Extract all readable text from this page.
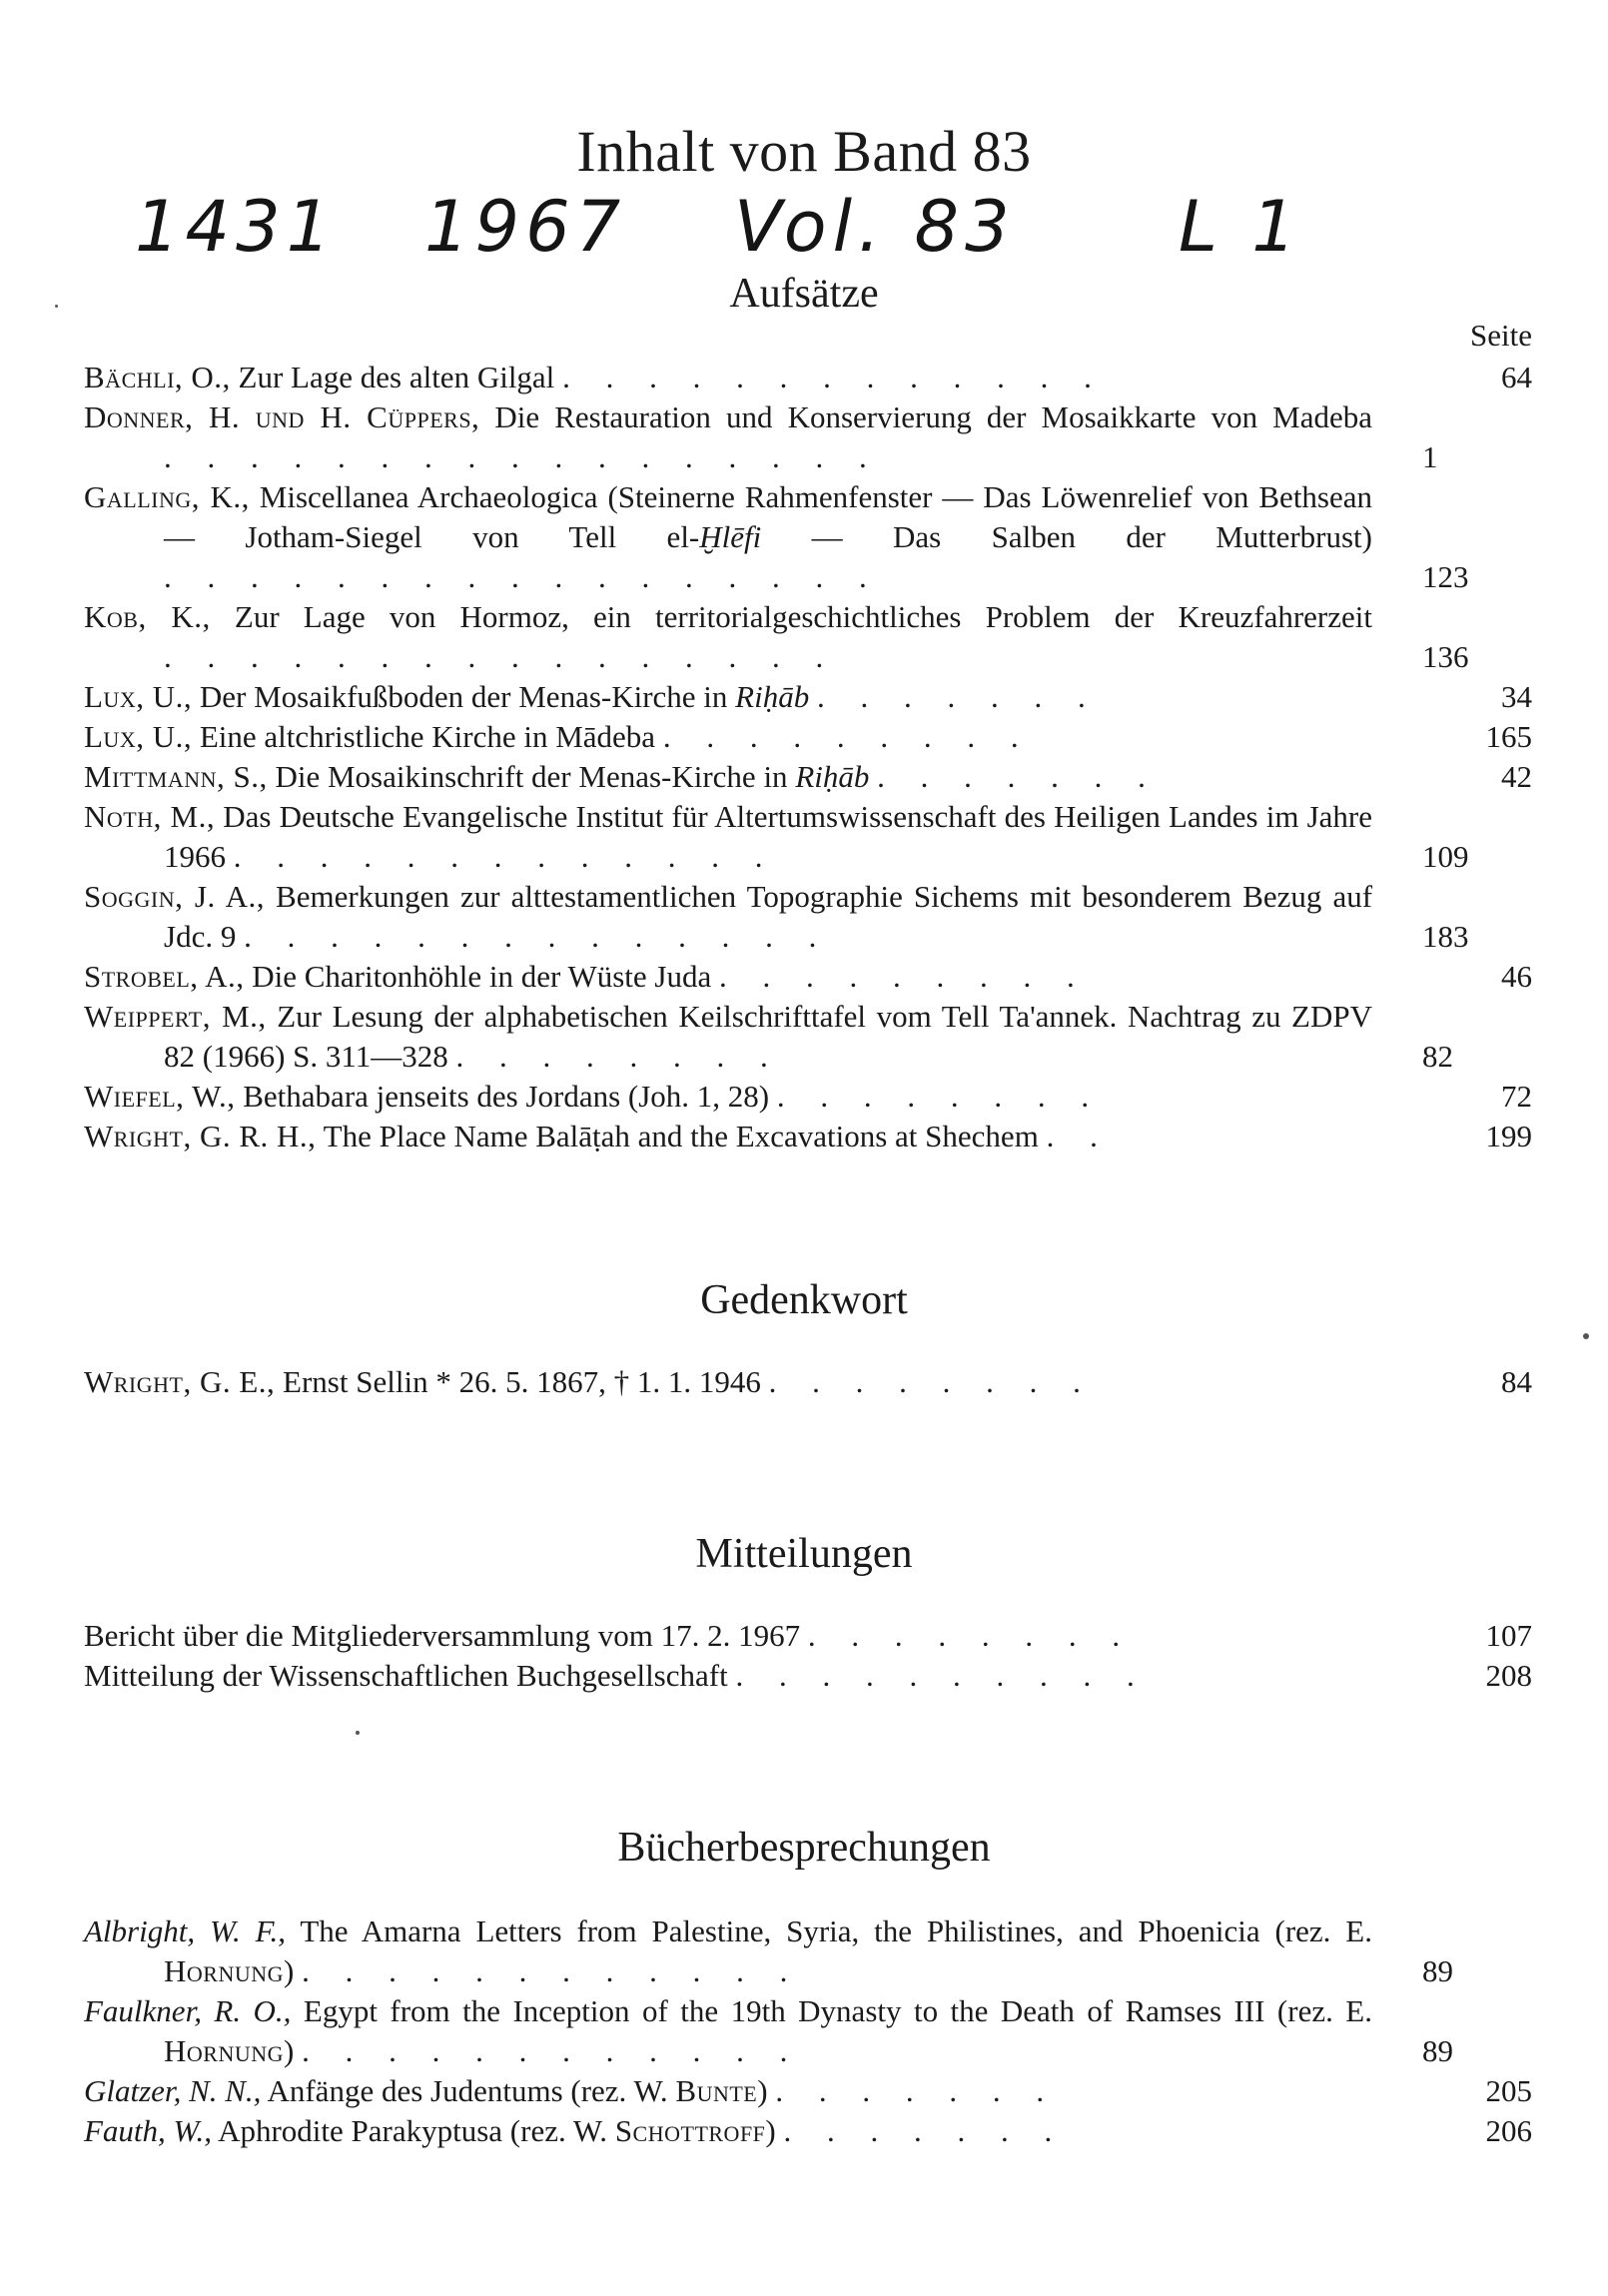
Inhalt von Band 83
1431 1967 Vol. 83 L 1
Aufsätze
Seite
Bächli, O., Zur Lage des alten Gilgal . . . . . . . . . . . . .	64
Donner, H. und H. Cüppers, Die Restauration und Konservierung der Mosaikkarte von Madeba . . . . . . . . . . . . . . . . .	1
Galling, K., Miscellanea Archaeologica (Steinerne Rahmenfenster — Das Löwenrelief von Bethsean — Jotham-Siegel von Tell el-Ḫlēfi — Das Salben der Mutterbrust) . . . . . . . . . . . . . . . . .	123
Kob, K., Zur Lage von Hormoz, ein territorialgeschichtliches Problem der Kreuzfahrerzeit . . . . . . . . . . . . . . . .	136
Lux, U., Der Mosaikfußboden der Menas-Kirche in Riḥāb . . . . . . .	34
Lux, U., Eine altchristliche Kirche in Mādeba . . . . . . . . .	165
Mittmann, S., Die Mosaikinschrift der Menas-Kirche in Riḥāb . . . . . . .	42
Noth, M., Das Deutsche Evangelische Institut für Altertumswissenschaft des Heiligen Landes im Jahre 1966 . . . . . . . . . . . . .	109
Soggin, J. A., Bemerkungen zur alttestamentlichen Topographie Sichems mit besonderem Bezug auf Jdc. 9 . . . . . . . . . . . . . .	183
Strobel, A., Die Charitonhöhle in der Wüste Juda . . . . . . . . .	46
Weippert, M., Zur Lesung der alphabetischen Keilschrifttafel vom Tell Ta'annek. Nachtrag zu ZDPV 82 (1966) S. 311—328 . . . . . . . .	82
Wiefel, W., Bethabara jenseits des Jordans (Joh. 1, 28) . . . . . . . .	72
Wright, G. R. H., The Place Name Balāṭah and the Excavations at Shechem . .	199
Gedenkwort
Wright, G. E., Ernst Sellin * 26. 5. 1867, † 1. 1. 1946 . . . . . . . .	84
Mitteilungen
Bericht über die Mitgliederversammlung vom 17. 2. 1967 . . . . . . . .	107
Mitteilung der Wissenschaftlichen Buchgesellschaft . . . . . . . . . .	208
Bücherbesprechungen
Albright, W. F., The Amarna Letters from Palestine, Syria, the Philistines, and Phoenicia (rez. E. Hornung) . . . . . . . . . . . .	89
Faulkner, R. O., Egypt from the Inception of the 19th Dynasty to the Death of Ramses III (rez. E. Hornung) . . . . . . . . . . . .	89
Glatzer, N. N., Anfänge des Judentums (rez. W. Bunte) . . . . . . .	205
Fauth, W., Aphrodite Parakyptusa (rez. W. Schottroff) . . . . . . .	206
